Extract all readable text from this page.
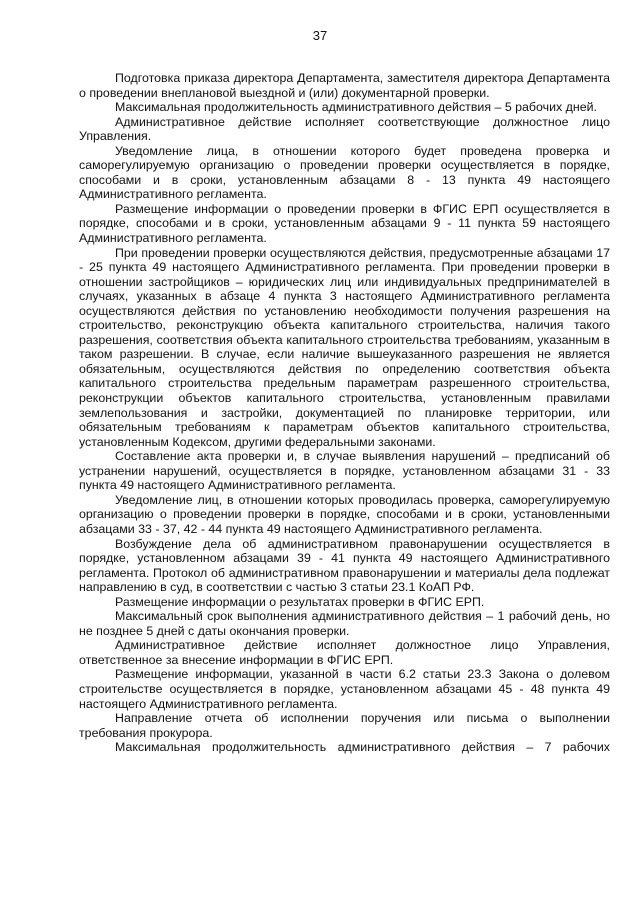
37

Подготовка приказа директора Департамента, заместителя директора Департамента о проведении внеплановой выездной и (или) документарной проверки.

Максимальная продолжительность административного действия – 5 рабочих дней.

Административное действие исполняет соответствующие должностное лицо Управления.

Уведомление лица, в отношении которого будет проведена проверка и саморегулируемую организацию о проведении проверки осуществляется в порядке, способами и в сроки, установленным абзацами 8 - 13 пункта 49 настоящего Административного регламента.

Размещение информации о проведении проверки в ФГИС ЕРП осуществляется в порядке, способами и в сроки, установленным абзацами 9 - 11 пункта 59 настоящего Административного регламента.

При проведении проверки осуществляются действия, предусмотренные абзацами 17 - 25 пункта 49 настоящего Административного регламента. При проведении проверки в отношении застройщиков – юридических лиц или индивидуальных предпринимателей в случаях, указанных в абзаце 4 пункта 3 настоящего Административного регламента осуществляются действия по установлению необходимости получения разрешения на строительство, реконструкцию объекта капитального строительства, наличия такого разрешения, соответствия объекта капитального строительства требованиям, указанным в таком разрешении. В случае, если наличие вышеуказанного разрешения не является обязательным, осуществляются действия по определению соответствия объекта капитального строительства предельным параметрам разрешенного строительства, реконструкции объектов капитального строительства, установленным правилами землепользования и застройки, документацией по планировке территории, или обязательным требованиям к параметрам объектов капитального строительства, установленным Кодексом, другими федеральными законами.

Составление акта проверки и, в случае выявления нарушений – предписаний об устранении нарушений, осуществляется в порядке, установленном абзацами 31 - 33 пункта 49 настоящего Административного регламента.

Уведомление лиц, в отношении которых проводилась проверка, саморегулируемую организацию о проведении проверки в порядке, способами и в сроки, установленными абзацами 33 - 37, 42 - 44 пункта 49 настоящего Административного регламента.

Возбуждение дела об административном правонарушении осуществляется в порядке, установленном абзацами 39 - 41 пункта 49 настоящего Административного регламента. Протокол об административном правонарушении и материалы дела подлежат направлению в суд, в соответствии с частью 3 статьи 23.1 КоАП РФ.

Размещение информации о результатах проверки в ФГИС ЕРП.

Максимальный срок выполнения административного действия – 1 рабочий день, но не позднее 5 дней с даты окончания проверки.

Административное действие исполняет должностное лицо Управления, ответственное за внесение информации в ФГИС ЕРП.

Размещение информации, указанной в части 6.2 статьи 23.3 Закона о долевом строительстве осуществляется в порядке, установленном абзацами 45 - 48 пункта 49 настоящего Административного регламента.

Направление отчета об исполнении поручения или письма о выполнении требования прокурора.

Максимальная продолжительность административного действия – 7 рабочих
